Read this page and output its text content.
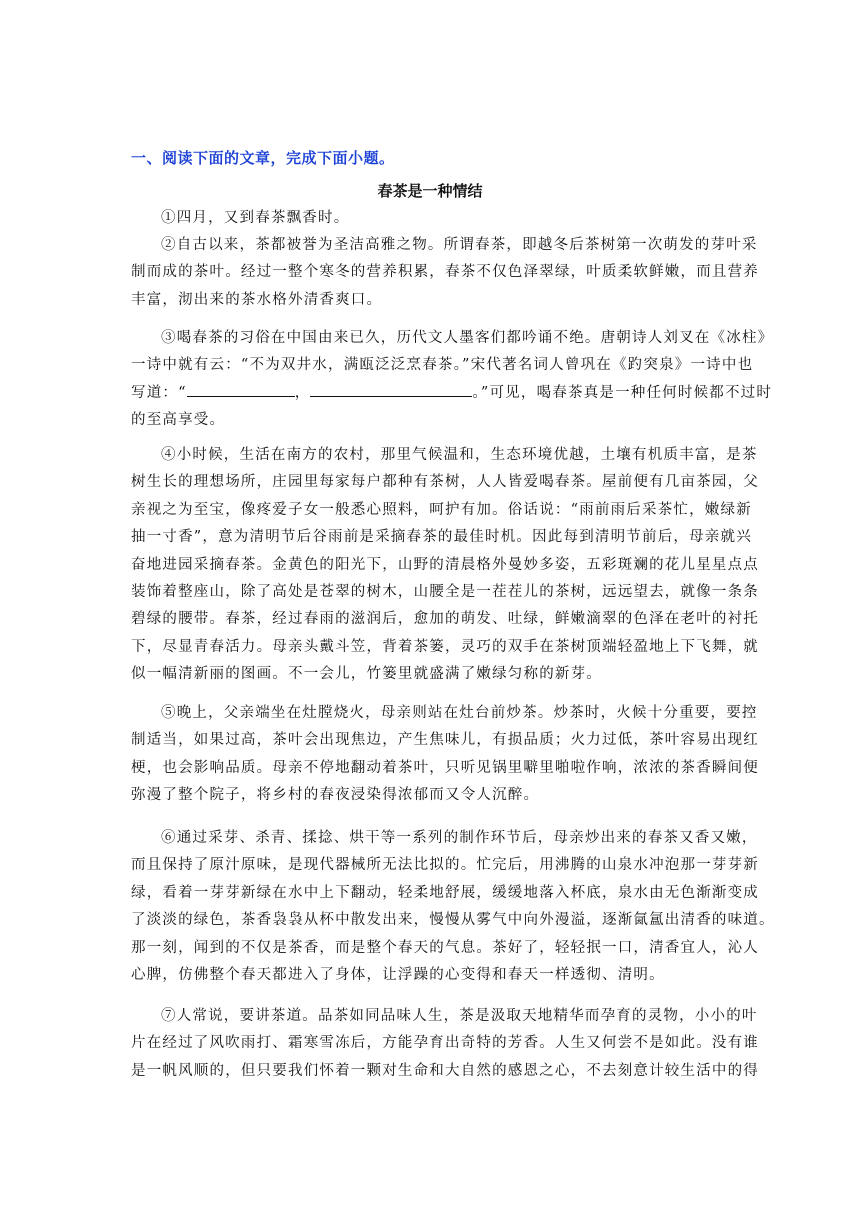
一、阅读下面的文章，完成下面小题。
春茶是一种情结
①四月，又到春茶飘香时。
②自古以来，茶都被誉为圣洁高雅之物。所谓春茶，即越冬后茶树第一次萌发的芽叶采
制而成的茶叶。经过一整个寒冬的营养积累，春茶不仅色泽翠绿，叶质柔软鲜嫩，而且营养
丰富，沏出来的茶水格外清香爽口。
③喝春茶的习俗在中国由来已久，历代文人墨客们都吟诵不绝。唐朝诗人刘叉在《冰柱》
一诗中就有云：“不为双井水，满瓯泛泛烹春茶。”宋代著名词人曾巩在《趵突泉》一诗中也
写道：“	，	。”可见，喝春茶真是一种任何时候都不过时
的至高享受。
④小时候，生活在南方的农村，那里气候温和，生态环境优越，土壤有机质丰富，是茶
树生长的理想场所，庄园里每家每户都种有茶树，人人皆爱喝春茶。屋前便有几亩茶园，父
亲视之为至宝，像疼爱子女一般悉心照料，呵护有加。俗话说：“雨前雨后采茶忙，嫩绿新
抽一寸香”，意为清明节后谷雨前是采摘春茶的最佳时机。因此每到清明节前后，母亲就兴
奋地进园采摘春茶。金黄色的阳光下，山野的清晨格外曼妙多姿，五彩斑斓的花儿星星点点
装饰着整座山，除了高处是苍翠的树木，山腰全是一茬茬儿的茶树，远远望去，就像一条条
碧绿的腰带。春茶，经过春雨的滋润后，愈加的萌发、吐绿，鲜嫩滴翠的色泽在老叶的衬托
下，尽显青春活力。母亲头戴斗笠，背着茶篓，灵巧的双手在茶树顶端轻盈地上下飞舞，就
似一幅清新丽的图画。不一会儿，竹篓里就盛满了嫩绿匀称的新芽。
⑤晚上，父亲端坐在灶膛烧火，母亲则站在灶台前炒茶。炒茶时，火候十分重要，要控
制适当，如果过高，茶叶会出现焦边，产生焦味儿，有损品质；火力过低，茶叶容易出现红
梗，也会影响品质。母亲不停地翻动着茶叶，只听见锅里噼里啪啦作响，浓浓的茶香瞬间便
弥漫了整个院子，将乡村的春夜浸染得浓郁而又令人沉醉。
⑥通过采芽、杀青、揉捻、烘干等一系列的制作环节后，母亲炒出来的春茶又香又嫩，
而且保持了原汁原味，是现代器械所无法比拟的。忙完后，用沸腾的山泉水冲泡那一芽芽新
绿，看着一芽芽新绿在水中上下翻动，轻柔地舒展，缓缓地落入杯底，泉水由无色渐渐变成
了淡淡的绿色，茶香袅袅从杯中散发出来，慢慢从雾气中向外漫溢，逐渐氤氲出清香的味道。
那一刻，闻到的不仅是茶香，而是整个春天的气息。茶好了，轻轻抿一口，清香宜人，沁人
心脾，仿佛整个春天都进入了身体，让浮躁的心变得和春天一样透彻、清明。
⑦人常说，要讲茶道。品茶如同品味人生，茶是汲取天地精华而孕育的灵物，小小的叶
片在经过了风吹雨打、霜寒雪冻后，方能孕育出奇特的芳香。人生又何尝不是如此。没有谁
是一帆风顺的，但只要我们怀着一颗对生命和大自然的感恩之心，不去刻意计较生活中的得
